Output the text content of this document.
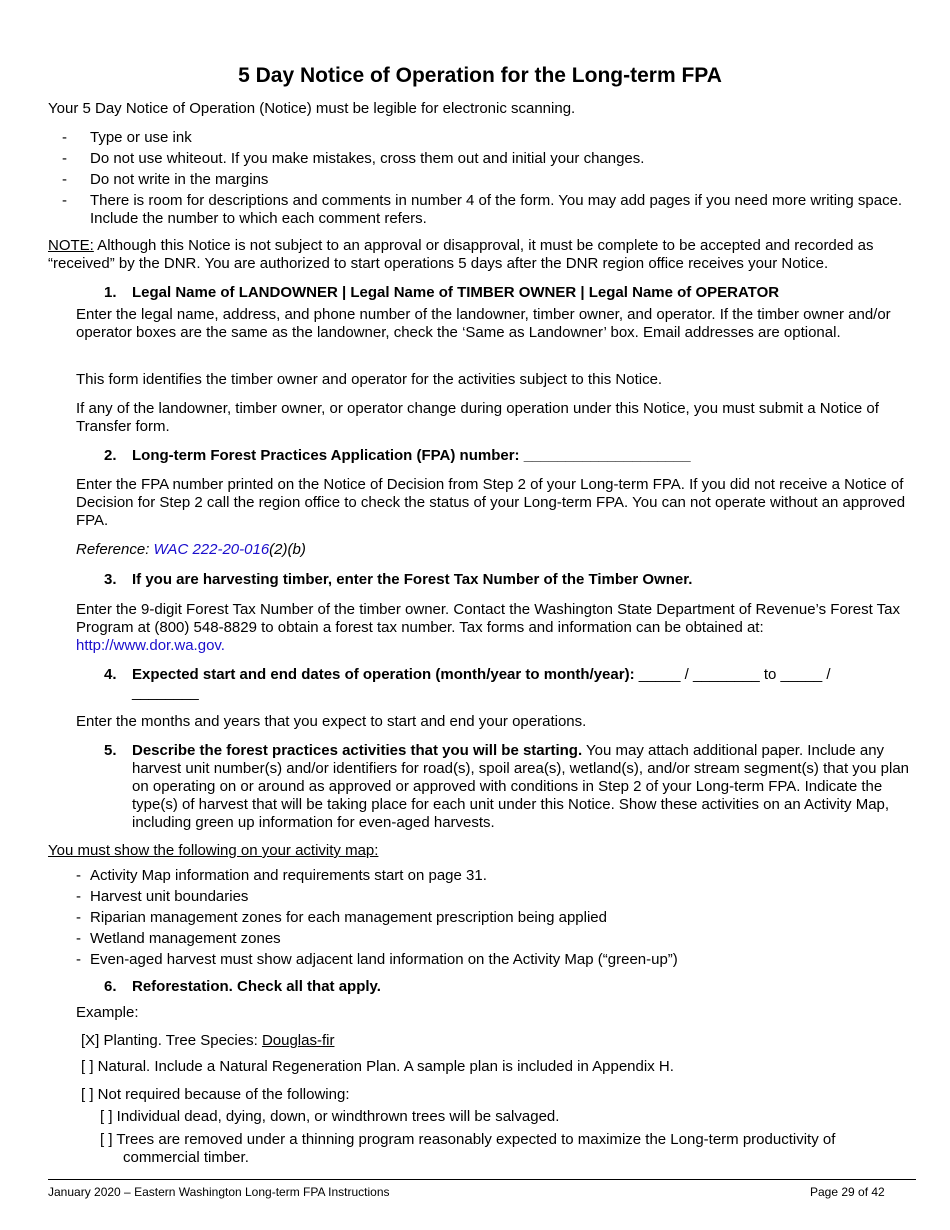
5 Day Notice of Operation for the Long-term FPA
Your 5 Day Notice of Operation (Notice) must be legible for electronic scanning.
- Type or use ink
- Do not use whiteout. If you make mistakes, cross them out and initial your changes.
- Do not write in the margins
- There is room for descriptions and comments in number 4 of the form. You may add pages if you need more writing space. Include the number to which each comment refers.
NOTE: Although this Notice is not subject to an approval or disapproval, it must be complete to be accepted and recorded as “received” by the DNR. You are authorized to start operations 5 days after the DNR region office receives your Notice.
1. Legal Name of LANDOWNER | Legal Name of TIMBER OWNER | Legal Name of OPERATOR
Enter the legal name, address, and phone number of the landowner, timber owner, and operator. If the timber owner and/or operator boxes are the same as the landowner, check the ‘Same as Landowner’ box. Email addresses are optional.
This form identifies the timber owner and operator for the activities subject to this Notice.
If any of the landowner, timber owner, or operator change during operation under this Notice, you must submit a Notice of Transfer form.
2. Long-term Forest Practices Application (FPA) number: ____________________
Enter the FPA number printed on the Notice of Decision from Step 2 of your Long-term FPA. If you did not receive a Notice of Decision for Step 2 call the region office to check the status of your Long-term FPA. You can not operate without an approved FPA.
Reference: WAC 222-20-016(2)(b)
3. If you are harvesting timber, enter the Forest Tax Number of the Timber Owner.
Enter the 9-digit Forest Tax Number of the timber owner. Contact the Washington State Department of Revenue’s Forest Tax Program at (800) 548-8829 to obtain a forest tax number. Tax forms and information can be obtained at:
http://www.dor.wa.gov.
4. Expected start and end dates of operation (month/year to month/year): _____ / ________ to _____ /
________
Enter the months and years that you expect to start and end your operations.
5. Describe the forest practices activities that you will be starting. You may attach additional paper. Include any harvest unit number(s) and/or identifiers for road(s), spoil area(s), wetland(s), and/or stream segment(s) that you plan on operating on or around as approved or approved with conditions in Step 2 of your Long-term FPA. Indicate the type(s) of harvest that will be taking place for each unit under this Notice. Show these activities on an Activity Map, including green up information for even-aged harvests.
You must show the following on your activity map:
- Activity Map information and requirements start on page 31.
- Harvest unit boundaries
- Riparian management zones for each management prescription being applied
- Wetland management zones
- Even-aged harvest must show adjacent land information on the Activity Map (“green-up”)
6. Reforestation. Check all that apply.
Example:
[X] Planting. Tree Species: Douglas-fir
[ ] Natural. Include a Natural Regeneration Plan. A sample plan is included in Appendix H.
[ ] Not required because of the following:
[ ] Individual dead, dying, down, or windthrown trees will be salvaged.
[ ] Trees are removed under a thinning program reasonably expected to maximize the Long-term productivity of
commercial timber.
January 2020 – Eastern Washington Long-term FPA Instructions	Page 29 of 42
